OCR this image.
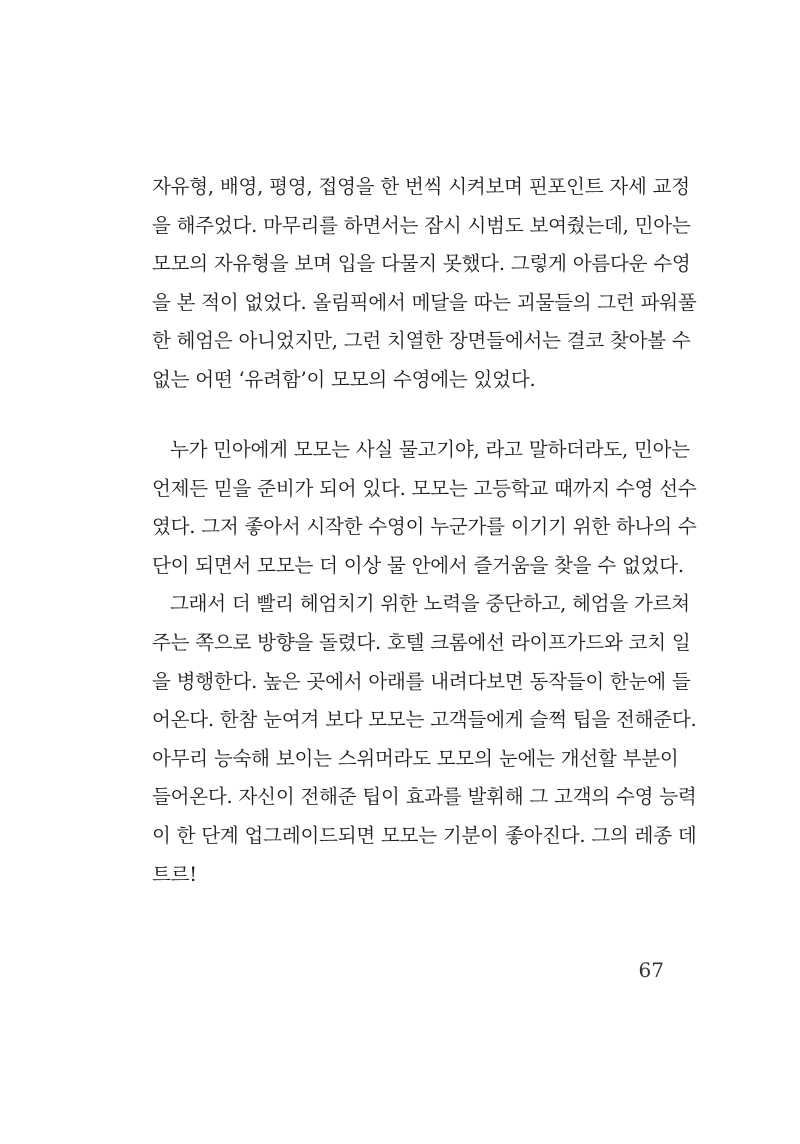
자유형, 배영, 평영, 접영을 한 번씩 시켜보며 핀포인트 자세 교정
을 해주었다. 마무리를 하면서는 잠시 시범도 보여줬는데, 민아는
모모의 자유형을 보며 입을 다물지 못했다. 그렇게 아름다운 수영
을 본 적이 없었다. 올림픽에서 메달을 따는 괴물들의 그런 파워풀
한 헤엄은 아니었지만, 그런 치열한 장면들에서는 결코 찾아볼 수
없는 어떤 ‘유려함’이 모모의 수영에는 있었다.
누가 민아에게 모모는 사실 물고기야, 라고 말하더라도, 민아는
언제든 믿을 준비가 되어 있다. 모모는 고등학교 때까지 수영 선수
였다. 그저 좋아서 시작한 수영이 누군가를 이기기 위한 하나의 수
단이 되면서 모모는 더 이상 물 안에서 즐거움을 찾을 수 없었다.
그래서 더 빨리 헤엄치기 위한 노력을 중단하고, 헤엄을 가르쳐
주는 쪽으로 방향을 돌렸다. 호텔 크롬에선 라이프가드와 코치 일
을 병행한다. 높은 곳에서 아래를 내려다보면 동작들이 한눈에 들
어온다. 한참 눈여겨 보다 모모는 고객들에게 슬쩍 팁을 전해준다.
아무리 능숙해 보이는 스위머라도 모모의 눈에는 개선할 부분이
들어온다. 자신이 전해준 팁이 효과를 발휘해 그 고객의 수영 능력
이 한 단계 업그레이드되면 모모는 기분이 좋아진다. 그의 레종 데
트르!
67
